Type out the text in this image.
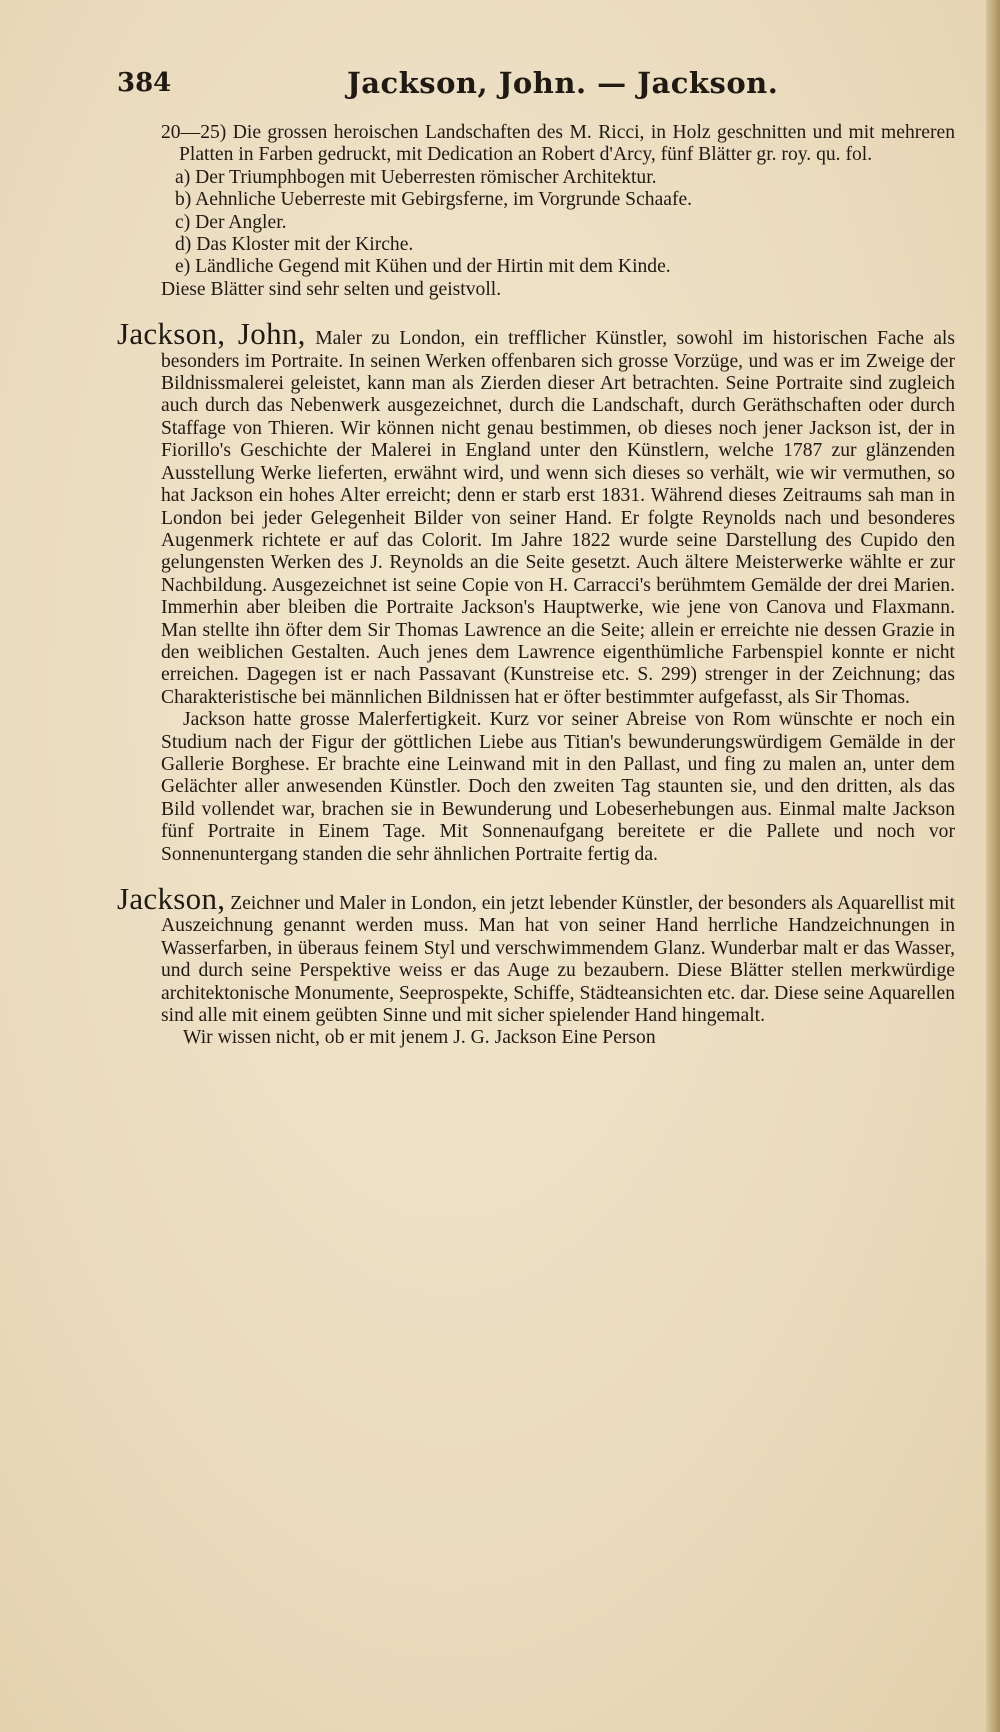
384	Jackson, John. — Jackson.

20—25) Die grossen heroischen Landschaften des M. Ricci, in Holz geschnitten und mit mehreren Platten in Farben gedruckt, mit Dedication an Robert d'Arcy, fünf Blätter gr. roy. qu. fol.

a) Der Triumphbogen mit Ueberresten römischer Architektur.
b) Aehnliche Ueberreste mit Gebirgsferne, im Vorgrunde Schaafe.
c) Der Angler.
d) Das Kloster mit der Kirche.
e) Ländliche Gegend mit Kühen und der Hirtin mit dem Kinde.

Diese Blätter sind sehr selten und geistvoll.

Jackson, John, Maler zu London, ein trefflicher Künstler, sowohl im historischen Fache als besonders im Portraite. In seinen Werken offenbaren sich grosse Vorzüge, und was er im Zweige der Bildnissmalerei geleistet, kann man als Zierden dieser Art betrachten. Seine Portraite sind zugleich auch durch das Nebenwerk ausgezeichnet, durch die Landschaft, durch Geräthschaften oder durch Staffage von Thieren. Wir können nicht genau bestimmen, ob dieses noch jener Jackson ist, der in Fiorillo's Geschichte der Malerei in England unter den Künstlern, welche 1787 zur glänzenden Ausstellung Werke lieferten, erwähnt wird, und wenn sich dieses so verhält, wie wir vermuthen, so hat Jackson ein hohes Alter erreicht; denn er starb erst 1831. Während dieses Zeitraums sah man in London bei jeder Gelegenheit Bilder von seiner Hand. Er folgte Reynolds nach und besonderes Augenmerk richtete er auf das Colorit. Im Jahre 1822 wurde seine Darstellung des Cupido den gelungensten Werken des J. Reynolds an die Seite gesetzt. Auch ältere Meisterwerke wählte er zur Nachbildung. Ausgezeichnet ist seine Copie von H. Carracci's berühmtem Gemälde der drei Marien. Immerhin aber bleiben die Portraite Jackson's Hauptwerke, wie jene von Canova und Flaxmann. Man stellte ihn öfter dem Sir Thomas Lawrence an die Seite; allein er erreichte nie dessen Grazie in den weiblichen Gestalten. Auch jenes dem Lawrence eigenthümliche Farbenspiel konnte er nicht erreichen. Dagegen ist er nach Passavant (Kunstreise etc. S. 299) strenger in der Zeichnung; das Charakteristische bei männlichen Bildnissen hat er öfter bestimmter aufgefasst, als Sir Thomas.

Jackson hatte grosse Malerfertigkeit. Kurz vor seiner Abreise von Rom wünschte er noch ein Studium nach der Figur der göttlichen Liebe aus Titian's bewunderungswürdigem Gemälde in der Gallerie Borghese. Er brachte eine Leinwand mit in den Pallast, und fing zu malen an, unter dem Gelächter aller anwesenden Künstler. Doch den zweiten Tag staunten sie, und den dritten, als das Bild vollendet war, brachen sie in Bewunderung und Lobeserhebungen aus. Einmal malte Jackson fünf Portraite in Einem Tage. Mit Sonnenaufgang bereitete er die Pallete und noch vor Sonnenuntergang standen die sehr ähnlichen Portraite fertig da.

Jackson, Zeichner und Maler in London, ein jetzt lebender Künstler, der besonders als Aquarellist mit Auszeichnung genannt werden muss. Man hat von seiner Hand herrliche Handzeichnungen in Wasserfarben, in überaus feinem Styl und verschwimmendem Glanz. Wunderbar malt er das Wasser, und durch seine Perspektive weiss er das Auge zu bezaubern. Diese Blätter stellen merkwürdige architektonische Monumente, Seeprospekte, Schiffe, Städteansichten etc. dar. Diese seine Aquarellen sind alle mit einem geübten Sinne und mit sicher spielender Hand hingemalt.

Wir wissen nicht, ob er mit jenem J. G. Jackson Eine Person
